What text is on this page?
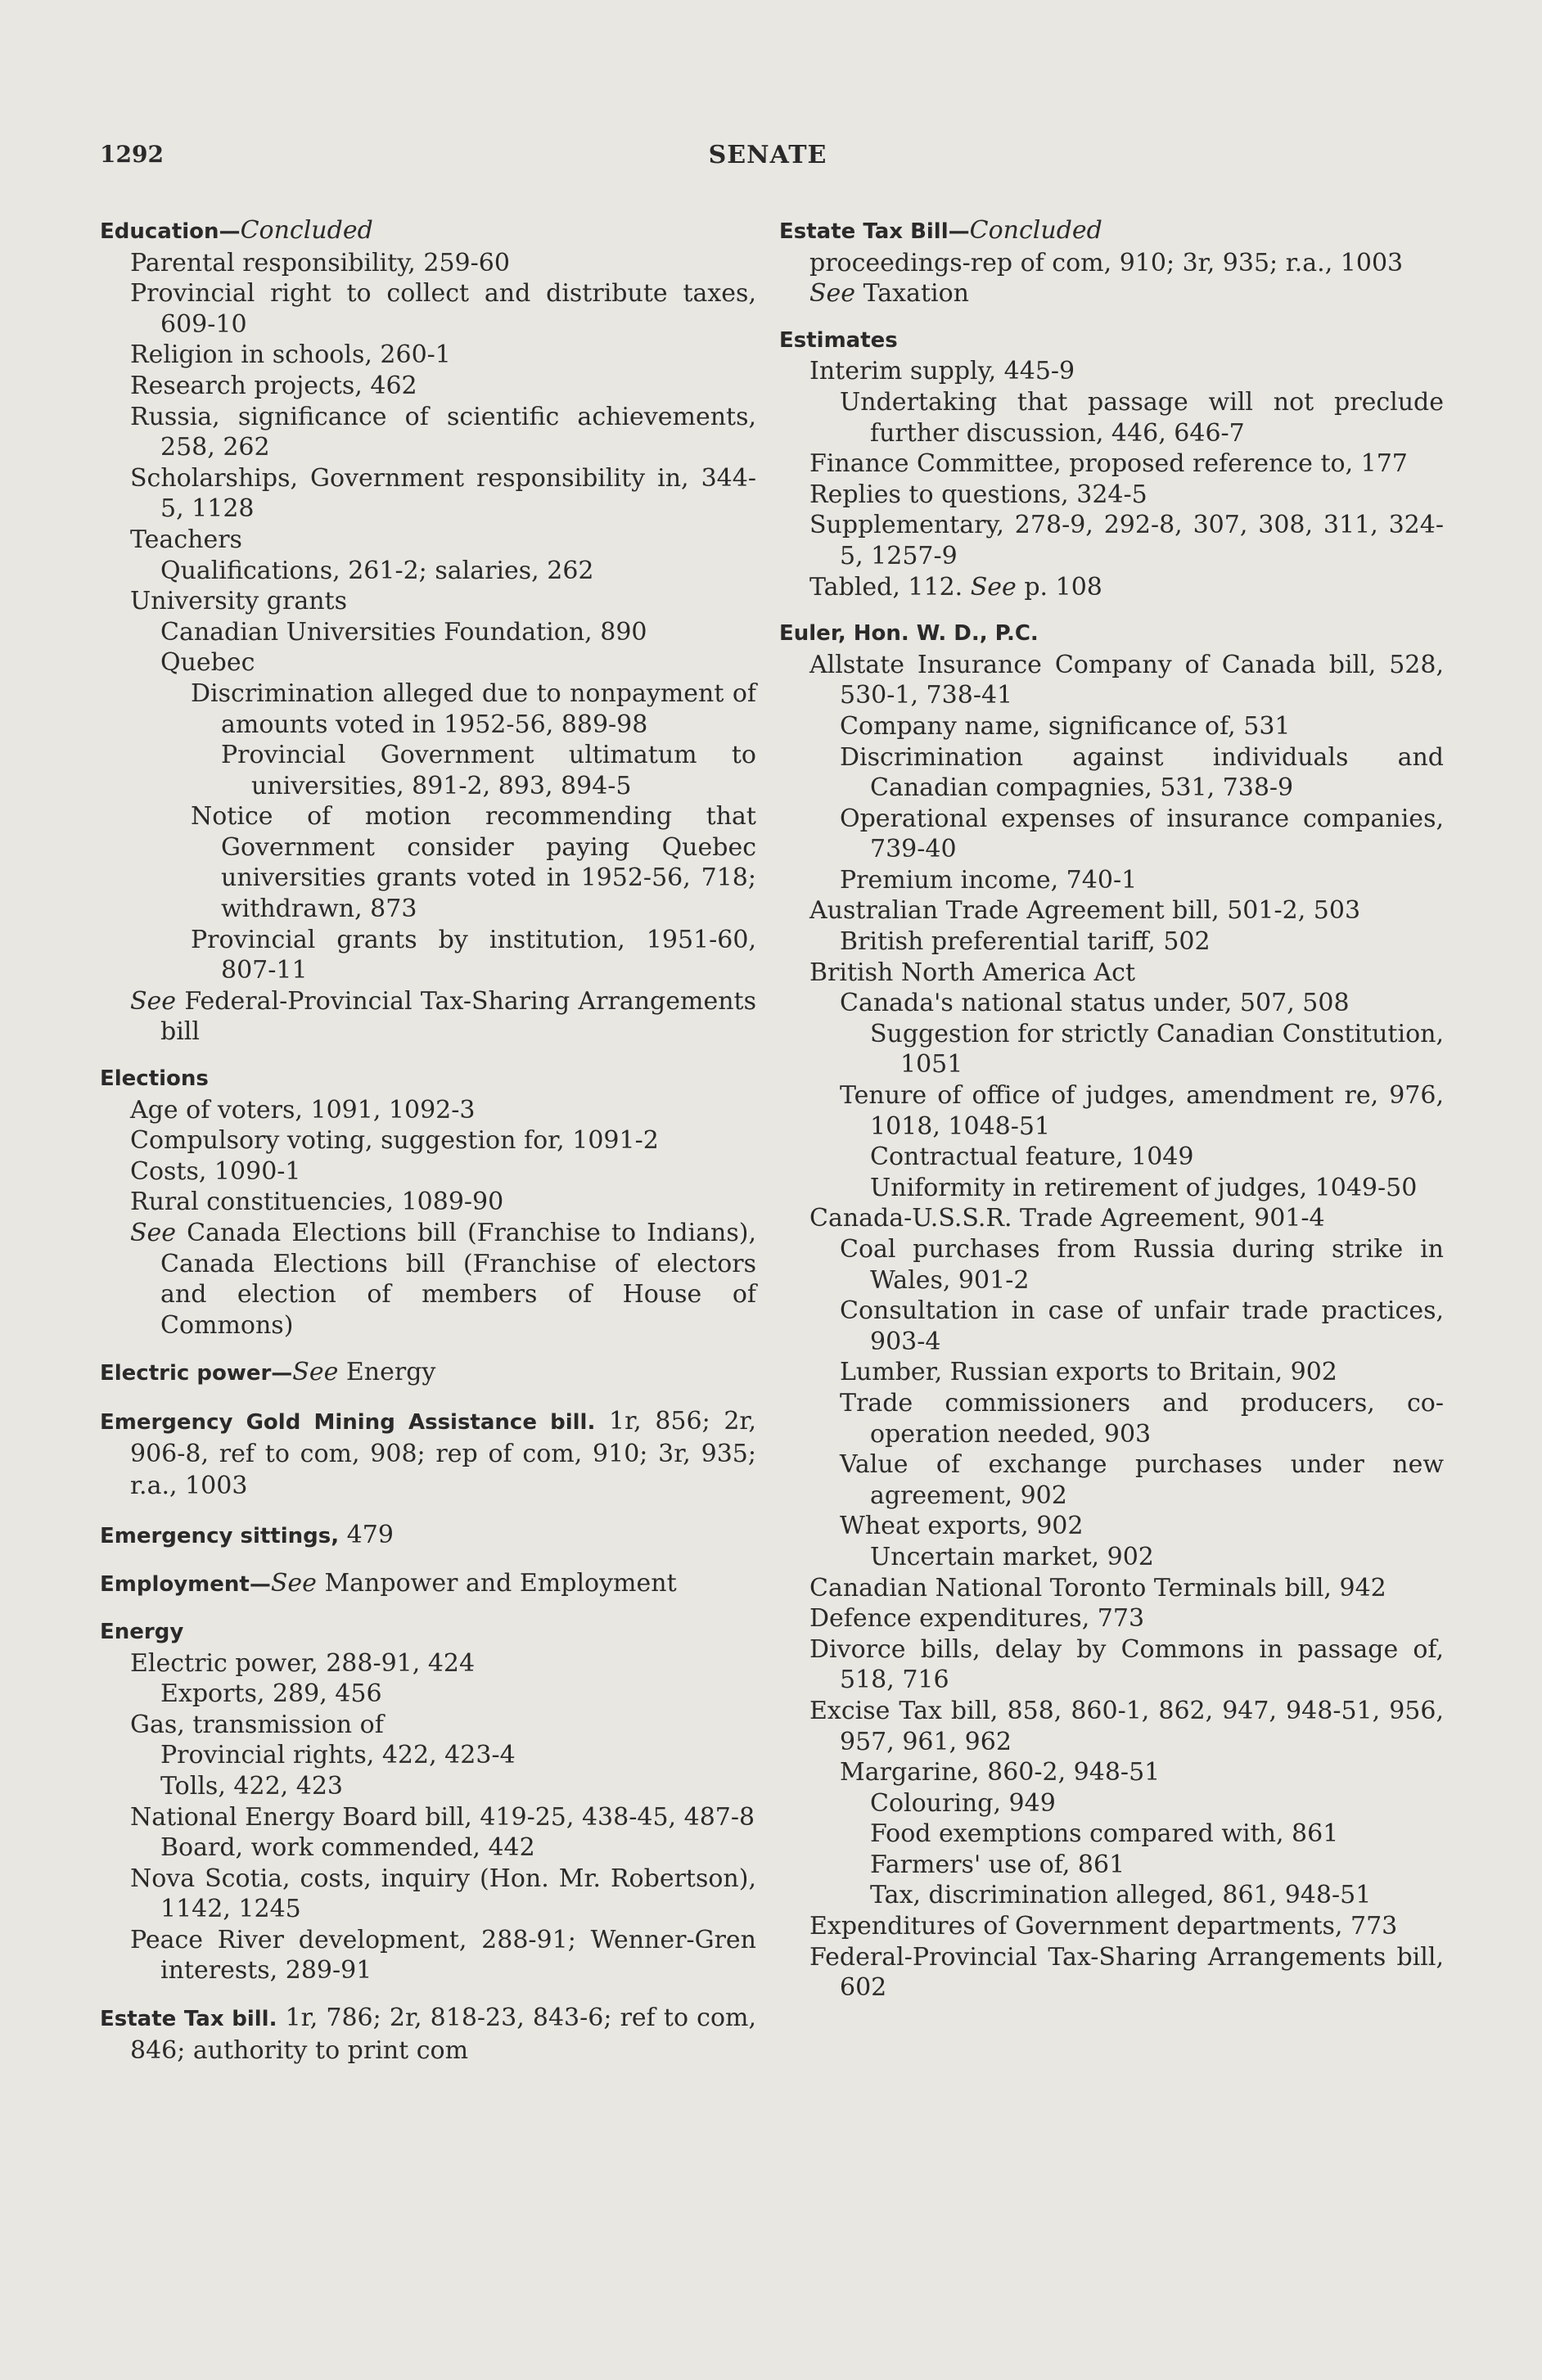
1292	SENATE
Education—Concluded
Parental responsibility, 259-60
Provincial right to collect and distribute taxes, 609-10
Religion in schools, 260-1
Research projects, 462
Russia, significance of scientific achievements, 258, 262
Scholarships, Government responsibility in, 344-5, 1128
Teachers
Qualifications, 261-2; salaries, 262
University grants
Canadian Universities Foundation, 890
Quebec
Discrimination alleged due to nonpayment of amounts voted in 1952-56, 889-98
Provincial Government ultimatum to universities, 891-2, 893, 894-5
Notice of motion recommending that Government consider paying Quebec universities grants voted in 1952-56, 718; withdrawn, 873
Provincial grants by institution, 1951-60, 807-11
See Federal-Provincial Tax-Sharing Arrangements bill
Elections
Age of voters, 1091, 1092-3
Compulsory voting, suggestion for, 1091-2
Costs, 1090-1
Rural constituencies, 1089-90
See Canada Elections bill (Franchise to Indians), Canada Elections bill (Franchise of electors and election of members of House of Commons)
Electric power—See Energy
Emergency Gold Mining Assistance bill. 1r, 856; 2r, 906-8, ref to com, 908; rep of com, 910; 3r, 935; r.a., 1003
Emergency sittings, 479
Employment—See Manpower and Employment
Energy
Electric power, 288-91, 424
Exports, 289, 456
Gas, transmission of
Provincial rights, 422, 423-4
Tolls, 422, 423
National Energy Board bill, 419-25, 438-45, 487-8
Board, work commended, 442
Nova Scotia, costs, inquiry (Hon. Mr. Robertson), 1142, 1245
Peace River development, 288-91; Wenner-Gren interests, 289-91
Estate Tax bill. 1r, 786; 2r, 818-23, 843-6; ref to com, 846; authority to print com
Estate Tax Bill—Concluded
proceedings-rep of com, 910; 3r, 935; r.a., 1003
See Taxation
Estimates
Interim supply, 445-9
Undertaking that passage will not preclude further discussion, 446, 646-7
Finance Committee, proposed reference to, 177
Replies to questions, 324-5
Supplementary, 278-9, 292-8, 307, 308, 311, 324-5, 1257-9
Tabled, 112. See p. 108
Euler, Hon. W. D., P.C.
Allstate Insurance Company of Canada bill, 528, 530-1, 738-41
Company name, significance of, 531
Discrimination against individuals and Canadian compagnies, 531, 738-9
Operational expenses of insurance companies, 739-40
Premium income, 740-1
Australian Trade Agreement bill, 501-2, 503
British preferential tariff, 502
British North America Act
Canada's national status under, 507, 508
Suggestion for strictly Canadian Constitution, 1051
Tenure of office of judges, amendment re, 976, 1018, 1048-51
Contractual feature, 1049
Uniformity in retirement of judges, 1049-50
Canada-U.S.S.R. Trade Agreement, 901-4
Coal purchases from Russia during strike in Wales, 901-2
Consultation in case of unfair trade practices, 903-4
Lumber, Russian exports to Britain, 902
Trade commissioners and producers, co-operation needed, 903
Value of exchange purchases under new agreement, 902
Wheat exports, 902
Uncertain market, 902
Canadian National Toronto Terminals bill, 942
Defence expenditures, 773
Divorce bills, delay by Commons in passage of, 518, 716
Excise Tax bill, 858, 860-1, 862, 947, 948-51, 956, 957, 961, 962
Margarine, 860-2, 948-51
Colouring, 949
Food exemptions compared with, 861
Farmers' use of, 861
Tax, discrimination alleged, 861, 948-51
Expenditures of Government departments, 773
Federal-Provincial Tax-Sharing Arrangements bill, 602
